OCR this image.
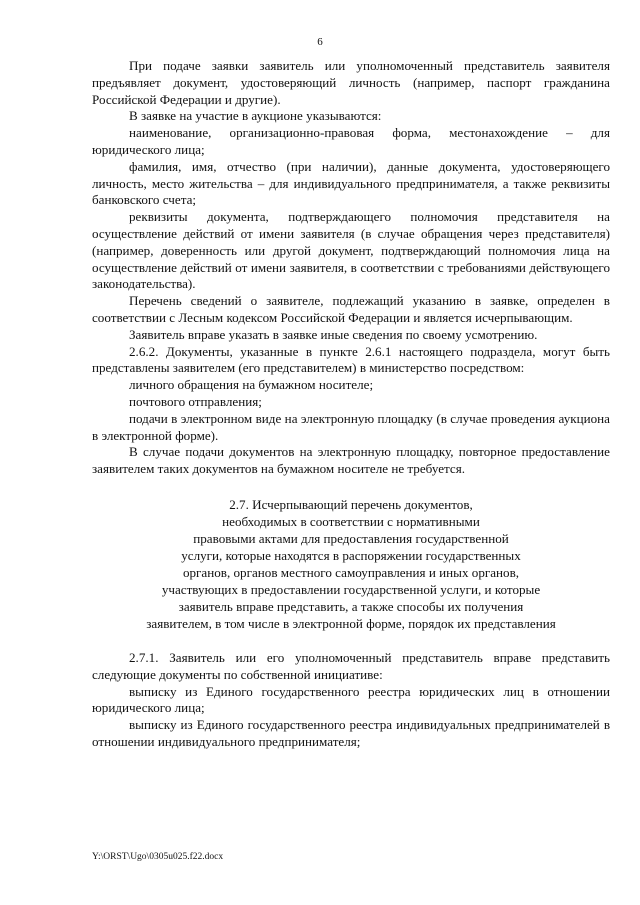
6

При подаче заявки заявитель или уполномоченный представитель заявителя предъявляет документ, удостоверяющий личность (например, паспорт гражданина Российской Федерации и другие).

В заявке на участие в аукционе указываются:

наименование, организационно-правовая форма, местонахождение – для юридического лица;

фамилия, имя, отчество (при наличии), данные документа, удостоверяющего личность, место жительства – для индивидуального предпринимателя, а также реквизиты банковского счета;

реквизиты документа, подтверждающего полномочия представителя на осуществление действий от имени заявителя (в случае обращения через представителя) (например, доверенность или другой документ, подтверждающий полномочия лица на осуществление действий от имени заявителя, в соответствии с требованиями действующего законодательства).

Перечень сведений о заявителе, подлежащий указанию в заявке, определен в соответствии с Лесным кодексом Российской Федерации и является исчерпывающим.

Заявитель вправе указать в заявке иные сведения по своему усмотрению.

2.6.2. Документы, указанные в пункте 2.6.1 настоящего подраздела, могут быть представлены заявителем (его представителем) в министерство посредством:

личного обращения на бумажном носителе;

почтового отправления;

подачи в электронном виде на электронную площадку (в случае проведения аукциона в электронной форме).

В случае подачи документов на электронную площадку, повторное предоставление заявителем таких документов на бумажном носителе не требуется.

2.7. Исчерпывающий перечень документов,

необходимых в соответствии с нормативными

правовыми актами для предоставления государственной

услуги, которые находятся в распоряжении государственных

органов, органов местного самоуправления и иных органов,

участвующих в предоставлении государственной услуги, и которые

заявитель вправе представить, а также способы их получения

заявителем, в том числе в электронной форме, порядок их представления

2.7.1. Заявитель или его уполномоченный представитель вправе представить следующие документы по собственной инициативе:

выписку из Единого государственного реестра юридических лиц в отношении юридического лица;

выписку из Единого государственного реестра индивидуальных предпринимателей в отношении индивидуального предпринимателя;

Y:\ORST\Ugo\0305u025.f22.docx
